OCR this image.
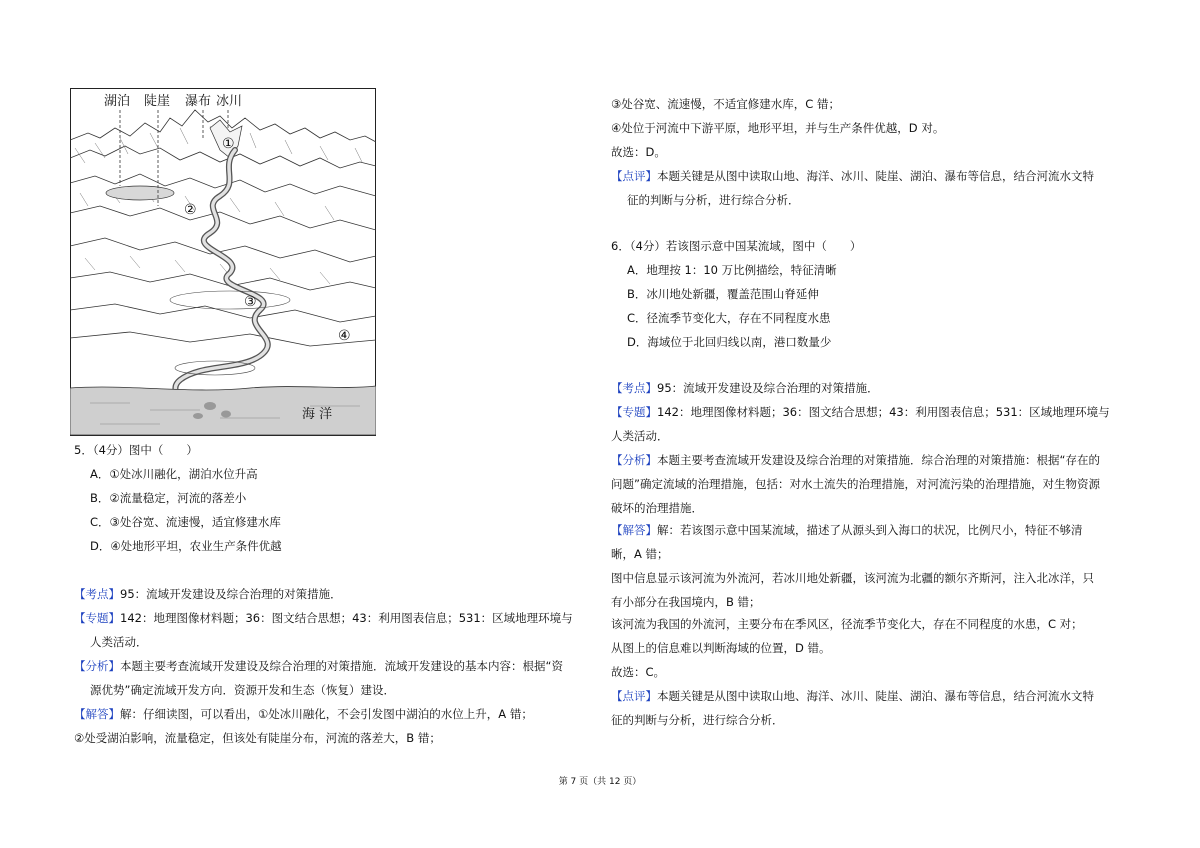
湖泊 陡崖 瀑布 冰川
①
②
③
④
海 洋
5．（4分）图中（　　）
A．①处冰川融化，湖泊水位升高
B．②流量稳定，河流的落差小
C．③处谷宽、流速慢，适宜修建水库
D．④处地形平坦，农业生产条件优越
【考点】95：流域开发建设及综合治理的对策措施．
【专题】142：地理图像材料题；36：图文结合思想；43：利用图表信息；531：区域地理环境与
人类活动．
【分析】本题主要考查流域开发建设及综合治理的对策措施．流域开发建设的基本内容：根据“资
源优势”确定流域开发方向．资源开发和生态（恢复）建设．
【解答】解：仔细读图，可以看出，①处冰川融化，不会引发图中湖泊的水位上升，A 错；
②处受湖泊影响，流量稳定，但该处有陡崖分布，河流的落差大，B 错；
③处谷宽、流速慢，不适宜修建水库，C 错；
④处位于河流中下游平原，地形平坦，并与生产条件优越，D 对。
故选：D。
【点评】本题关键是从图中读取山地、海洋、冰川、陡崖、湖泊、瀑布等信息，结合河流水文特
征的判断与分析，进行综合分析．
6．（4分）若该图示意中国某流域，图中（　　）
A．地理按 1：10 万比例描绘，特征清晰
B．冰川地处新疆，覆盖范围山脊延伸
C．径流季节变化大，存在不同程度水患
D．海域位于北回归线以南，港口数量少
【考点】95：流域开发建设及综合治理的对策措施．
【专题】142：地理图像材料题；36：图文结合思想；43：利用图表信息；531：区域地理环境与
人类活动．
【分析】本题主要考查流域开发建设及综合治理的对策措施．综合治理的对策措施：根据“存在的
问题”确定流域的治理措施，包括：对水土流失的治理措施，对河流污染的治理措施，对生物资源
破坏的治理措施．
【解答】解：若该图示意中国某流域，描述了从源头到入海口的状况，比例尺小，特征不够清
晰，A 错；
图中信息显示该河流为外流河，若冰川地处新疆，该河流为北疆的额尔齐斯河，注入北冰洋，只
有小部分在我国境内，B 错；
该河流为我国的外流河，主要分布在季风区，径流季节变化大，存在不同程度的水患，C 对；
从图上的信息难以判断海域的位置，D 错。
故选：C。
【点评】本题关键是从图中读取山地、海洋、冰川、陡崖、湖泊、瀑布等信息，结合河流水文特
征的判断与分析，进行综合分析．
第 7 页（共 12 页）
